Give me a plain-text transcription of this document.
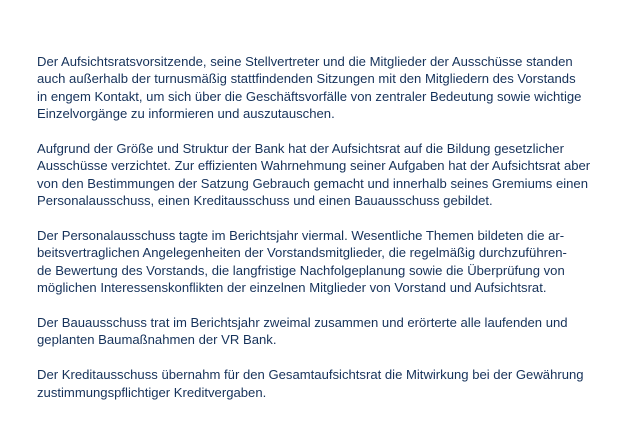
Der Aufsichtsratsvorsitzende, seine Stellvertreter und die Mitglieder der Ausschüsse standen
auch außerhalb der turnusmäßig stattfindenden Sitzungen mit den Mitgliedern des Vorstands
in engem Kontakt, um sich über die Geschäftsvorfälle von zentraler Bedeutung sowie wichtige
Einzelvorgänge zu informieren und auszutauschen.

Aufgrund der Größe und Struktur der Bank hat der Aufsichtsrat auf die Bildung gesetzlicher
Ausschüsse verzichtet. Zur effizienten Wahrnehmung seiner Aufgaben hat der Aufsichtsrat aber
von den Bestimmungen der Satzung Gebrauch gemacht und innerhalb seines Gremiums einen
Personalausschuss, einen Kreditausschuss und einen Bauausschuss gebildet.

Der Personalausschuss tagte im Berichtsjahr viermal. Wesentliche Themen bildeten die ar-
beitsvertraglichen Angelegenheiten der Vorstandsmitglieder, die regelmäßig durchzuführen-
de Bewertung des Vorstands, die langfristige Nachfolgeplanung sowie die Überprüfung von
möglichen Interessenskonflikten der einzelnen Mitglieder von Vorstand und Aufsichtsrat.

Der Bauausschuss trat im Berichtsjahr zweimal zusammen und erörterte alle laufenden und
geplanten Baumaßnahmen der VR Bank.

Der Kreditausschuss übernahm für den Gesamtaufsichtsrat die Mitwirkung bei der Gewährung
zustimmungspflichtiger Kreditvergaben.
